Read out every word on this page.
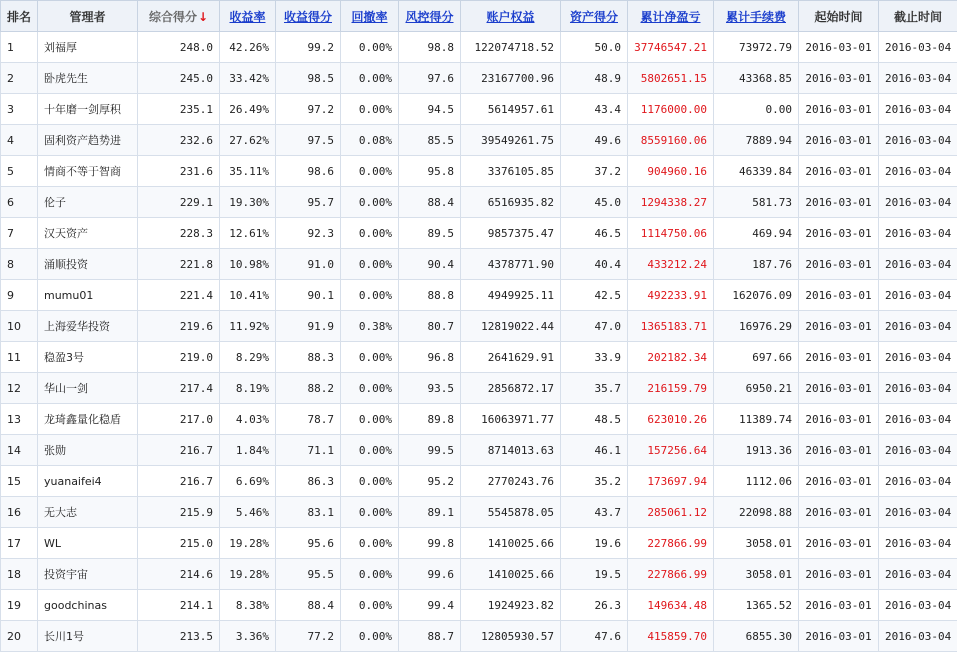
排名	管理者	综合得分↓	收益率	收益得分	回撤率	风控得分	账户权益	资产得分	累计净盈亏	累计手续费	起始时间	截止时间
1	刘福厚	248.0	42.26%	99.2	0.00%	98.8	122074718.52	50.0	37746547.21	73972.79	2016-03-01	2016-03-04
2	卧虎先生	245.0	33.42%	98.5	0.00%	97.6	23167700.96	48.9	5802651.15	43368.85	2016-03-01	2016-03-04
3	十年磨一剑厚积	235.1	26.49%	97.2	0.00%	94.5	5614957.61	43.4	1176000.00	0.00	2016-03-01	2016-03-04
4	固利资产趋势进	232.6	27.62%	97.5	0.08%	85.5	39549261.75	49.6	8559160.06	7889.94	2016-03-01	2016-03-04
5	情商不等于智商	231.6	35.11%	98.6	0.00%	95.8	3376105.85	37.2	904960.16	46339.84	2016-03-01	2016-03-04
6	伦子	229.1	19.30%	95.7	0.00%	88.4	6516935.82	45.0	1294338.27	581.73	2016-03-01	2016-03-04
7	汉天资产	228.3	12.61%	92.3	0.00%	89.5	9857375.47	46.5	1114750.06	469.94	2016-03-01	2016-03-04
8	涌顺投资	221.8	10.98%	91.0	0.00%	90.4	4378771.90	40.4	433212.24	187.76	2016-03-01	2016-03-04
9	mumu01	221.4	10.41%	90.1	0.00%	88.8	4949925.11	42.5	492233.91	162076.09	2016-03-01	2016-03-04
10	上海爱华投资	219.6	11.92%	91.9	0.38%	80.7	12819022.44	47.0	1365183.71	16976.29	2016-03-01	2016-03-04
11	稳盈3号	219.0	8.29%	88.3	0.00%	96.8	2641629.91	33.9	202182.34	697.66	2016-03-01	2016-03-04
12	华山一剑	217.4	8.19%	88.2	0.00%	93.5	2856872.17	35.7	216159.79	6950.21	2016-03-01	2016-03-04
13	龙琦鑫量化稳盾	217.0	4.03%	78.7	0.00%	89.8	16063971.77	48.5	623010.26	11389.74	2016-03-01	2016-03-04
14	张勋	216.7	1.84%	71.1	0.00%	99.5	8714013.63	46.1	157256.64	1913.36	2016-03-01	2016-03-04
15	yuanaifei4	216.7	6.69%	86.3	0.00%	95.2	2770243.76	35.2	173697.94	1112.06	2016-03-01	2016-03-04
16	无大志	215.9	5.46%	83.1	0.00%	89.1	5545878.05	43.7	285061.12	22098.88	2016-03-01	2016-03-04
17	WL	215.0	19.28%	95.6	0.00%	99.8	1410025.66	19.6	227866.99	3058.01	2016-03-01	2016-03-04
18	投资宇宙	214.6	19.28%	95.5	0.00%	99.6	1410025.66	19.5	227866.99	3058.01	2016-03-01	2016-03-04
19	goodchinas	214.1	8.38%	88.4	0.00%	99.4	1924923.82	26.3	149634.48	1365.52	2016-03-01	2016-03-04
20	长川1号	213.5	3.36%	77.2	0.00%	88.7	12805930.57	47.6	415859.70	6855.30	2016-03-01	2016-03-04
